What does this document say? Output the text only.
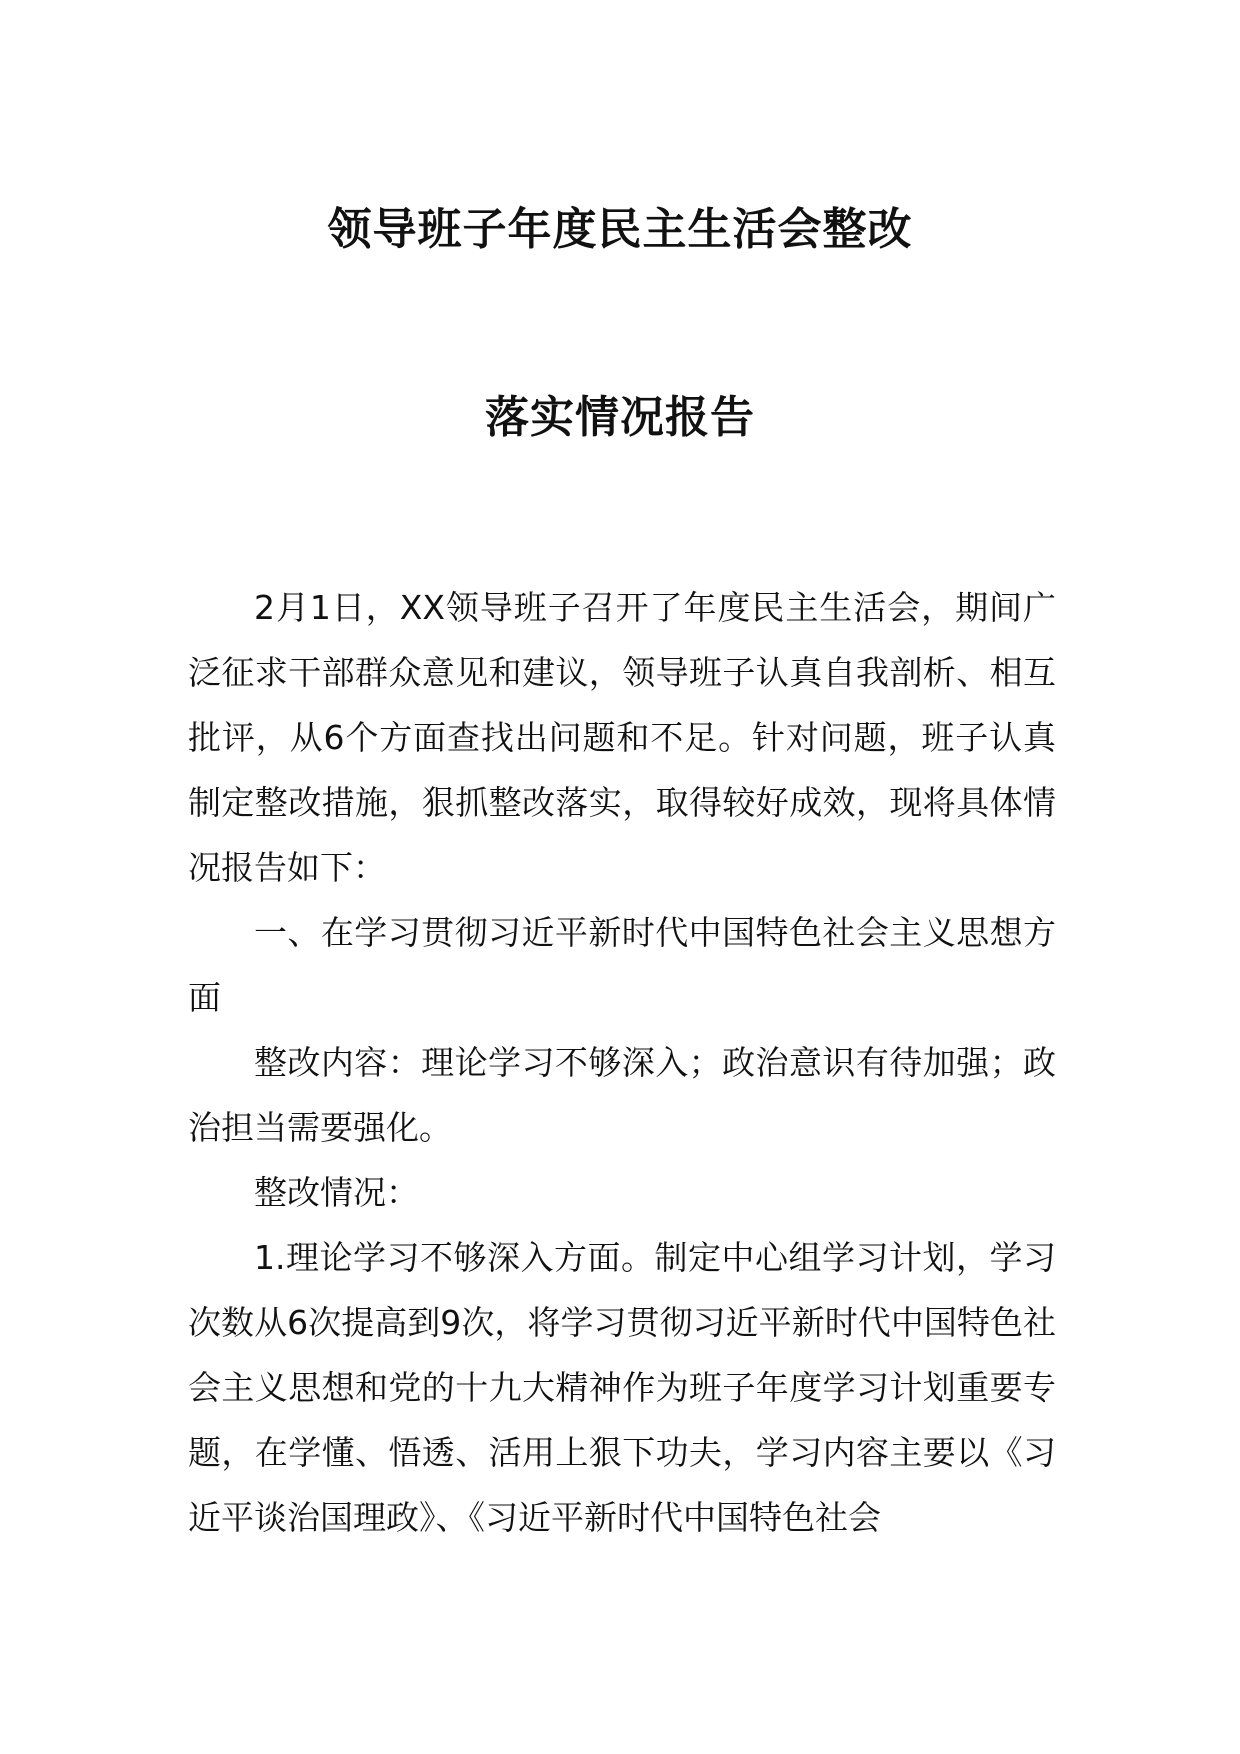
领导班子年度民主生活会整改
落实情况报告

2月1日，XX领导班子召开了年度民主生活会，期间广泛征求干部群众意见和建议，领导班子认真自我剖析、相互批评，从6个方面查找出问题和不足。针对问题，班子认真制定整改措施，狠抓整改落实，取得较好成效，现将具体情况报告如下：

一、在学习贯彻习近平新时代中国特色社会主义思想方面

整改内容：理论学习不够深入；政治意识有待加强；政治担当需要强化。

整改情况：

1.理论学习不够深入方面。制定中心组学习计划，学习次数从6次提高到9次，将学习贯彻习近平新时代中国特色社会主义思想和党的十九大精神作为班子年度学习计划重要专题，在学懂、悟透、活用上狠下功夫，学习内容主要以《习近平谈治国理政》、《习近平新时代中国特色社会
